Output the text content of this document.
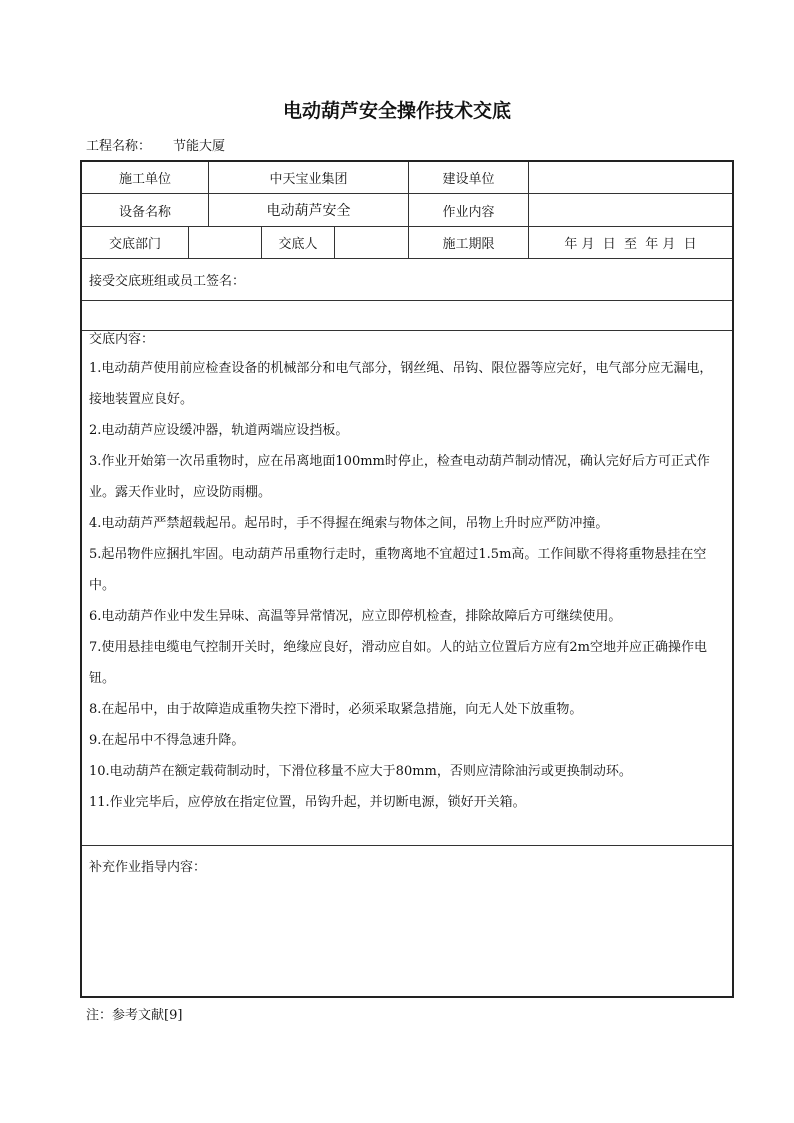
电动葫芦安全操作技术交底
工程名称： 节能大厦
施工单位	中天宝业集团	建设单位
设备名称	电动葫芦安全	作业内容
交底部门	交底人	施工期限	年 月  日  至  年 月  日
接受交底班组或员工签名：

交底内容：

1.电动葫芦使用前应检查设备的机械部分和电气部分，钢丝绳、吊钩、限位器等应完好，电气部分应无漏电，接地装置应良好。

2.电动葫芦应设缓冲器，轨道两端应设挡板。

3.作业开始第一次吊重物时，应在吊离地面100mm时停止，检查电动葫芦制动情况，确认完好后方可正式作业。露天作业时，应设防雨棚。

4.电动葫芦严禁超载起吊。起吊时，手不得握在绳索与物体之间，吊物上升时应严防冲撞。

5.起吊物件应捆扎牢固。电动葫芦吊重物行走时，重物离地不宜超过1.5m高。工作间歇不得将重物悬挂在空中。

6.电动葫芦作业中发生异味、高温等异常情况，应立即停机检查，排除故障后方可继续使用。

7.使用悬挂电缆电气控制开关时，绝缘应良好，滑动应自如。人的站立位置后方应有2m空地并应正确操作电钮。

8.在起吊中，由于故障造成重物失控下滑时，必须采取紧急措施，向无人处下放重物。

9.在起吊中不得急速升降。

10.电动葫芦在额定载荷制动时，下滑位移量不应大于80mm，否则应清除油污或更换制动环。

11.作业完毕后，应停放在指定位置，吊钩升起，并切断电源，锁好开关箱。

补充作业指导内容：
注：参考文献[9]
